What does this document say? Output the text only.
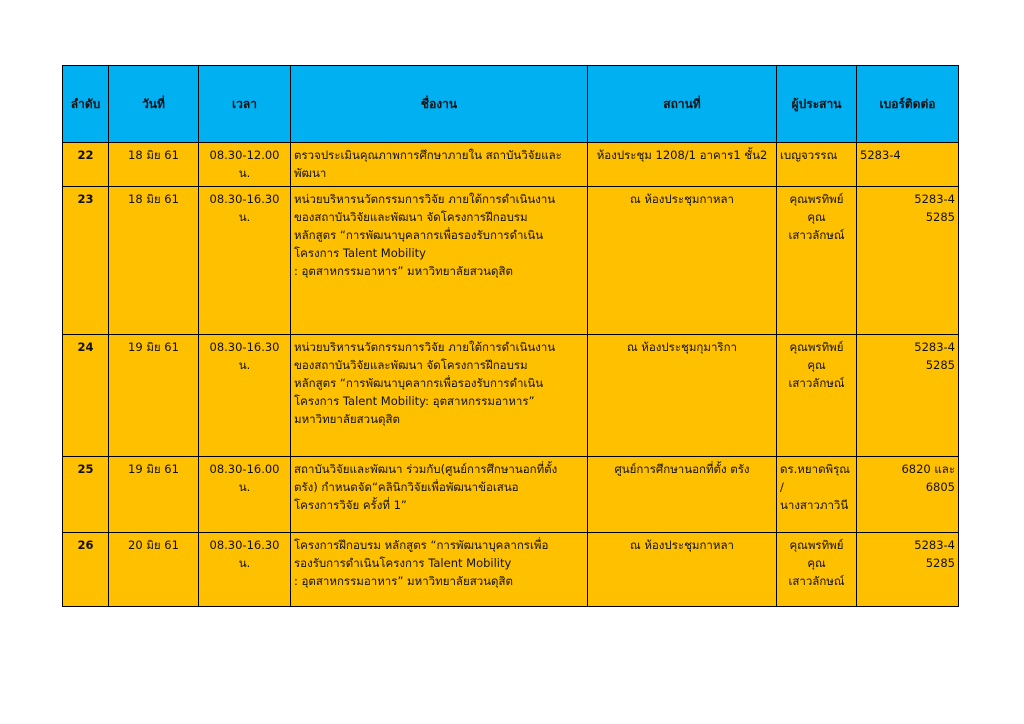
ลำดับ	วันที่	เวลา	ชื่องาน	สถานที่	ผู้ประสาน	เบอร์ติดต่อ
22	18 มิย 61	08.30-12.00 น.	ตรวจประเมินคุณภาพการศึกษาภายใน สถาบันวิจัยและ
พัฒนา	ห้องประชุม 1208/1 อาคาร1 ชั้น2	เบญจวรรณ	5283-4
23	18 มิย 61	08.30-16.30 น.	หน่วยบริหารนวัตกรรมการวิจัย ภายใต้การดำเนินงาน
ของสถาบันวิจัยและพัฒนา จัดโครงการฝึกอบรม
หลักสูตร “การพัฒนาบุคลากรเพื่อรองรับการดำเนิน
โครงการ Talent Mobility
: อุตสาหกรรมอาหาร” มหาวิทยาลัยสวนดุสิต	ณ ห้องประชุมกาหลา	คุณพรทิพย์
คุณเสาวลักษณ์	5283-4
5285
24	19 มิย 61	08.30-16.30 น.	หน่วยบริหารนวัตกรรมการวิจัย ภายใต้การดำเนินงาน
ของสถาบันวิจัยและพัฒนา จัดโครงการฝึกอบรม
หลักสูตร “การพัฒนาบุคลากรเพื่อรองรับการดำเนิน
โครงการ Talent Mobility: อุตสาหกรรมอาหาร”
มหาวิทยาลัยสวนดุสิต	ณ ห้องประชุมกุมาริกา	คุณพรทิพย์
คุณเสาวลักษณ์	5283-4
5285
25	19 มิย 61	08.30-16.00 น.	สถาบันวิจัยและพัฒนา ร่วมกับ(ศูนย์การศึกษานอกที่ตั้ง
ตรัง) กำหนดจัด“คลินิกวิจัยเพื่อพัฒนาข้อเสนอ
โครงการวิจัย ครั้งที่ 1”	ศูนย์การศึกษานอกที่ตั้ง ตรัง	ดร.หยาดพิรุณ /
นางสาวภาวินี	6820 และ
6805
26	20 มิย 61	08.30-16.30 น.	โครงการฝึกอบรม หลักสูตร “การพัฒนาบุคลากรเพื่อ
รองรับการดำเนินโครงการ Talent Mobility
: อุตสาหกรรมอาหาร” มหาวิทยาลัยสวนดุสิต	ณ ห้องประชุมกาหลา	คุณพรทิพย์
คุณเสาวลักษณ์	5283-4
5285
